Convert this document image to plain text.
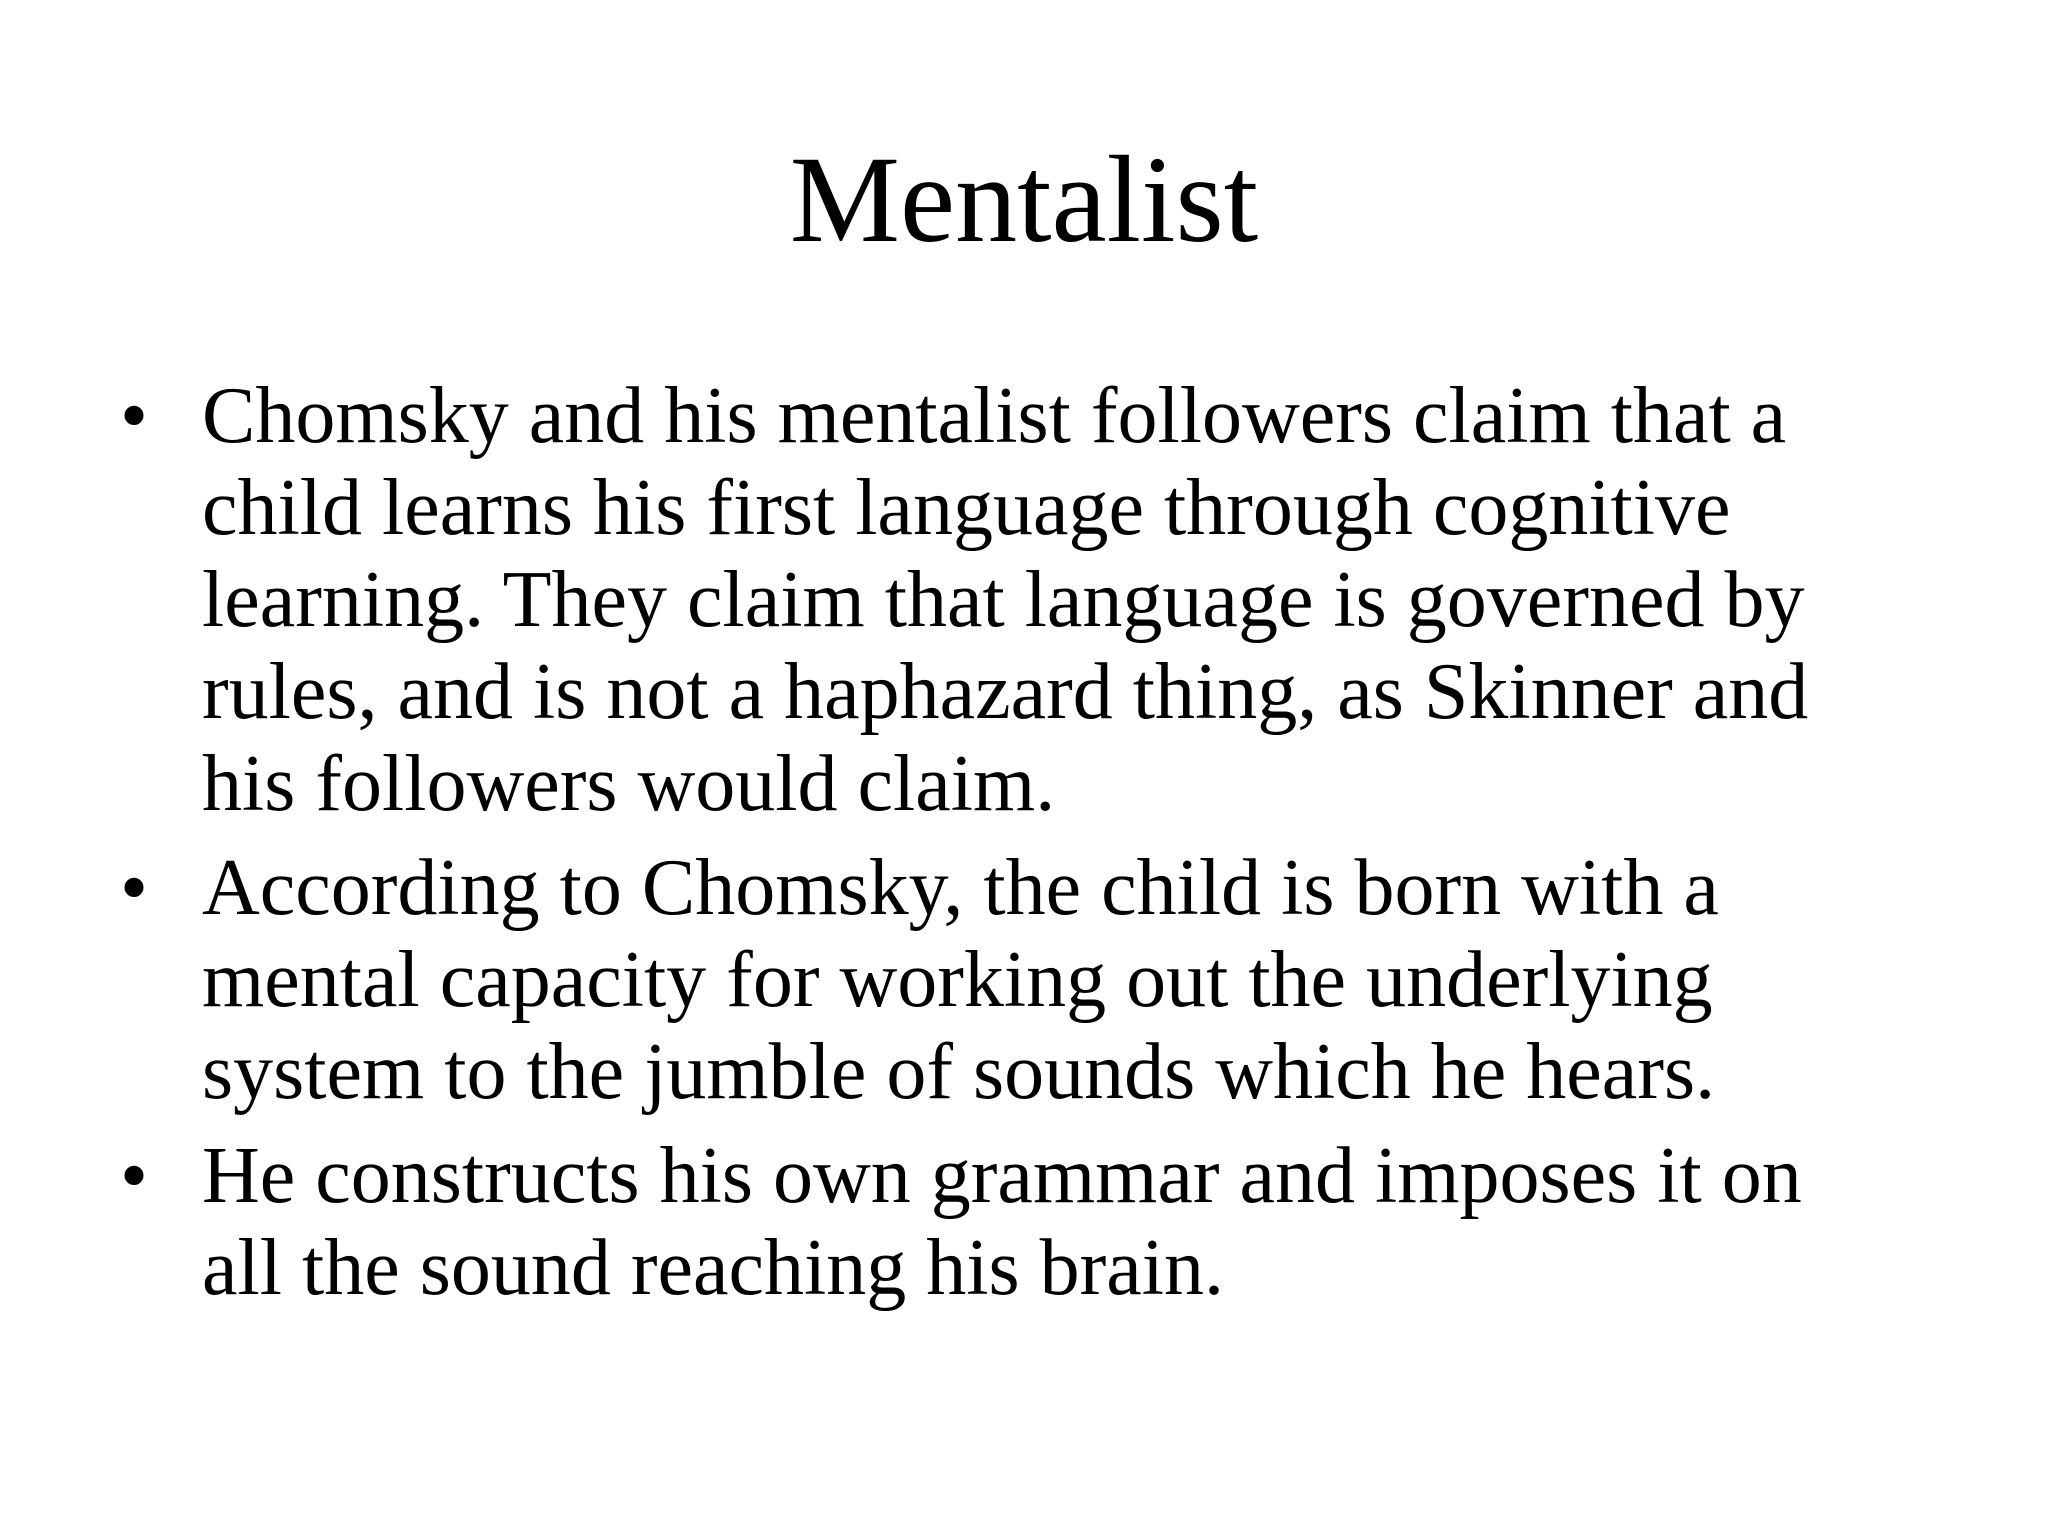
Mentalist
• Chomsky and his mentalist followers claim that a
child learns his first language through cognitive
learning. They claim that language is governed by
rules, and is not a haphazard thing, as Skinner and
his followers would claim.
• According to Chomsky, the child is born with a
mental capacity for working out the underlying
system to the jumble of sounds which he hears.
• He constructs his own grammar and imposes it on
all the sound reaching his brain.
